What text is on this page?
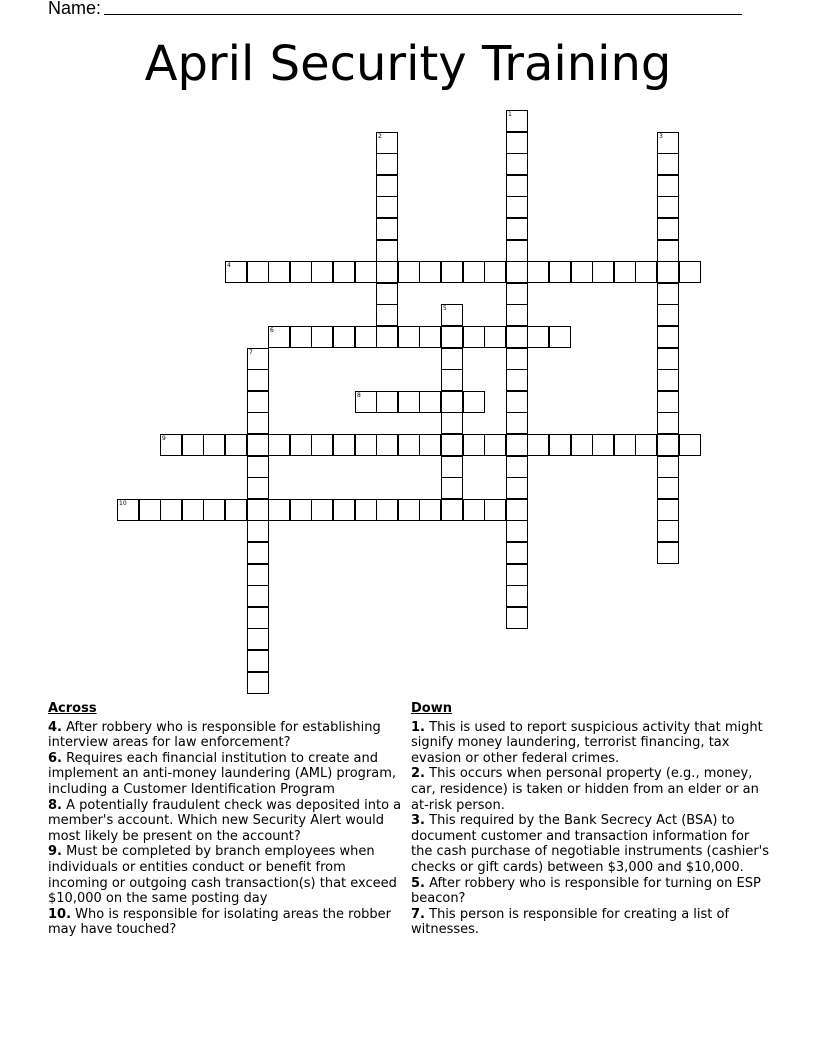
Name:
April Security Training
1
2	3
4
5
6
7
8
9
10
Across
4. After robbery who is responsible for establishing interview areas for law enforcement?
6. Requires each financial institution to create and implement an anti-money laundering (AML) program, including a Customer Identification Program
8. A potentially fraudulent check was deposited into a member's account. Which new Security Alert would most likely be present on the account?
9. Must be completed by branch employees when individuals or entities conduct or benefit from incoming or outgoing cash transaction(s) that exceed $10,000 on the same posting day
10. Who is responsible for isolating areas the robber may have touched?
Down
1. This is used to report suspicious activity that might signify money laundering, terrorist financing, tax evasion or other federal crimes.
2. This occurs when personal property (e.g., money, car, residence) is taken or hidden from an elder or an at-risk person.
3. This required by the Bank Secrecy Act (BSA) to document customer and transaction information for the cash purchase of negotiable instruments (cashier's checks or gift cards) between $3,000 and $10,000.
5. After robbery who is responsible for turning on ESP beacon?
7. This person is responsible for creating a list of witnesses.
